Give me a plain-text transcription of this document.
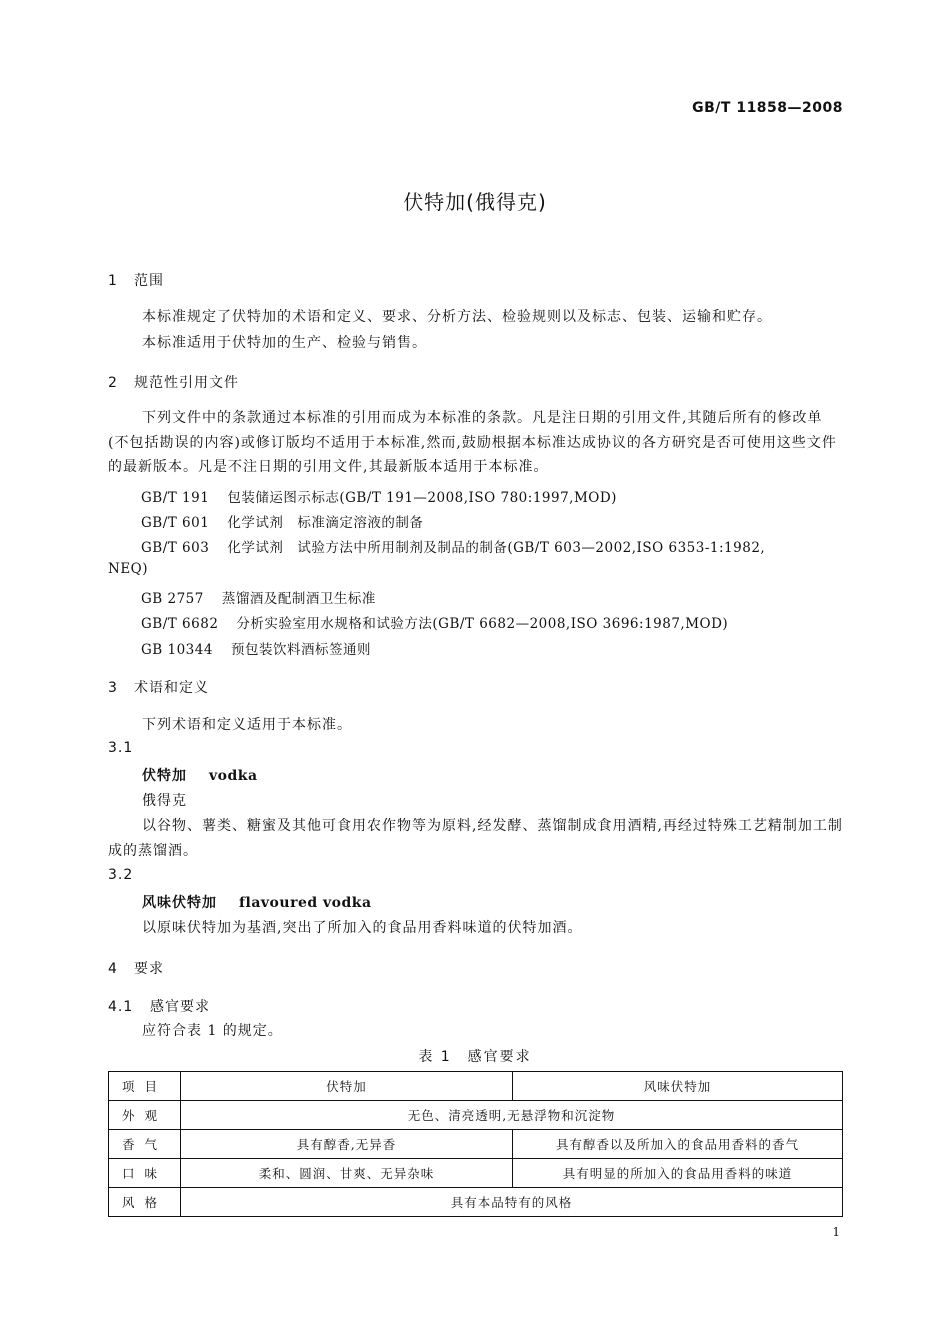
GB/T 11858—2008
伏特加(俄得克)
1 范围
本标准规定了伏特加的术语和定义、要求、分析方法、检验规则以及标志、包装、运输和贮存。
本标准适用于伏特加的生产、检验与销售。
2 规范性引用文件
下列文件中的条款通过本标准的引用而成为本标准的条款。凡是注日期的引用文件,其随后所有的修改单(不包括勘误的内容)或修订版均不适用于本标准,然而,鼓励根据本标准达成协议的各方研究是否可使用这些文件的最新版本。凡是不注日期的引用文件,其最新版本适用于本标准。
GB/T 191 包装储运图示标志(GB/T 191—2008,ISO 780:1997,MOD)
GB/T 601 化学试剂　标准滴定溶液的制备
GB/T 603 化学试剂　试验方法中所用制剂及制品的制备(GB/T 603—2002,ISO 6353-1:1982,
NEQ)
GB 2757 蒸馏酒及配制酒卫生标准
GB/T 6682 分析实验室用水规格和试验方法(GB/T 6682—2008,ISO 3696:1987,MOD)
GB 10344 预包装饮料酒标签通则
3 术语和定义
下列术语和定义适用于本标准。
3.1
伏特加 vodka
俄得克
以谷物、薯类、糖蜜及其他可食用农作物等为原料,经发酵、蒸馏制成食用酒精,再经过特殊工艺精制加工制成的蒸馏酒。
3.2
风味伏特加 flavoured vodka
以原味伏特加为基酒,突出了所加入的食品用香料味道的伏特加酒。
4 要求
4.1 感官要求
应符合表 1 的规定。
表 1　感官要求
项目	伏特加	风味伏特加
外观	无色、清亮透明,无悬浮物和沉淀物	
香气	具有醇香,无异香	具有醇香以及所加入的食品用香料的香气
口味	柔和、圆润、甘爽、无异杂味	具有明显的所加入的食品用香料的味道
风格	具有本品特有的风格	
1
